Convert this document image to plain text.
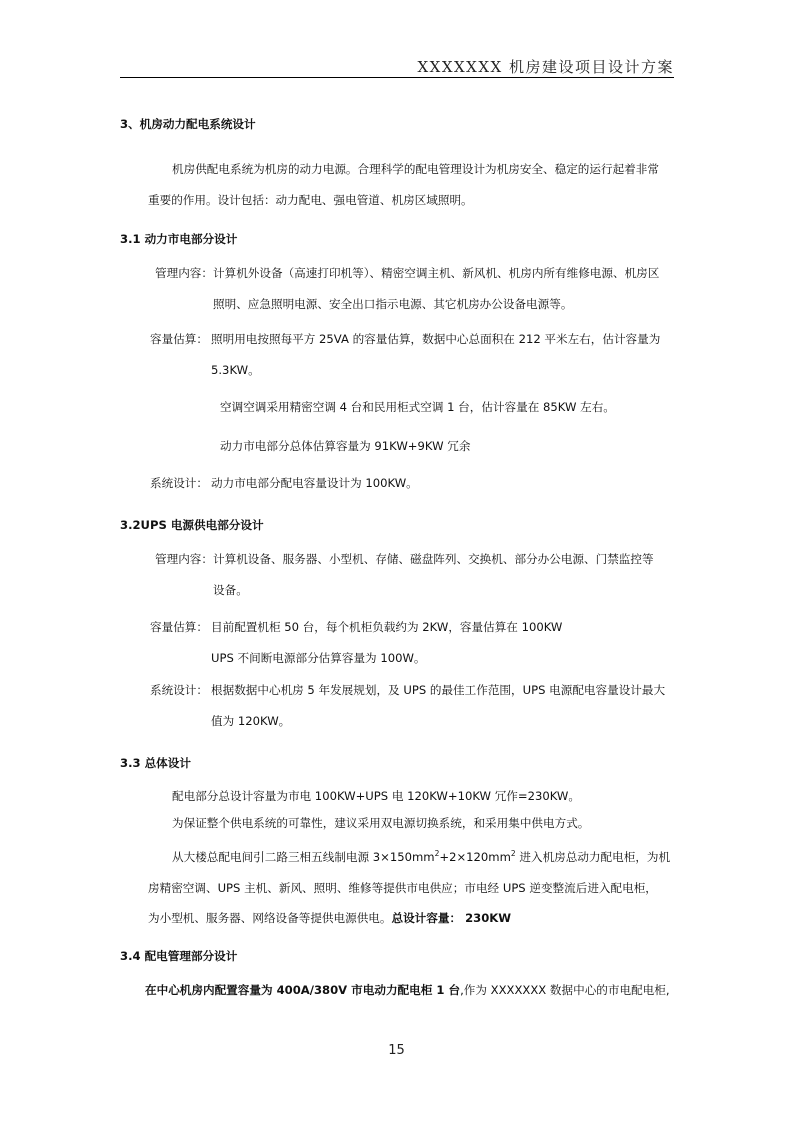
XXXXXXX 机房建设项目设计方案
3、机房动力配电系统设计
机房供配电系统为机房的动力电源。合理科学的配电管理设计为机房安全、稳定的运行起着非常
重要的作用。设计包括：动力配电、强电管道、机房区域照明。
3.1 动力市电部分设计
管理内容： 计算机外设备（高速打印机等）、精密空调主机、新风机、机房内所有维修电源、机房区
照明、应急照明电源、安全出口指示电源、其它机房办公设备电源等。
容量估算： 照明用电按照每平方 25VA 的容量估算，数据中心总面积在 212 平米左右，估计容量为
5.3KW。
空调空调采用精密空调 4 台和民用柜式空调 1 台，估计容量在 85KW 左右。
动力市电部分总体估算容量为 91KW+9KW 冗余
系统设计： 动力市电部分配电容量设计为 100KW。
3.2UPS 电源供电部分设计
管理内容： 计算机设备、服务器、小型机、存储、磁盘阵列、交换机、部分办公电源、门禁监控等
设备。
容量估算： 目前配置机柜 50 台，每个机柜负载约为 2KW，容量估算在 100KW
UPS 不间断电源部分估算容量为 100W。
系统设计： 根据数据中心机房 5 年发展规划，及 UPS 的最佳工作范围，UPS 电源配电容量设计最大
值为 120KW。
3.3 总体设计
配电部分总设计容量为市电 100KW+UPS 电 120KW+10KW 冗作=230KW。
为保证整个供电系统的可靠性，建议采用双电源切换系统，和采用集中供电方式。
从大楼总配电间引二路三相五线制电源 $3\times 150mm^2+2\times 120mm^2$ 进入机房总动力配电柜，为机
房精密空调、UPS 主机、新风、照明、维修等提供市电供应；市电经 UPS 逆变整流后进入配电柜，
为小型机、服务器、网络设备等提供电源供电。总设计容量： 230KW
3.4 配电管理部分设计
在中心机房内配置容量为 400A/380V 市电动力配电柜 1 台,作为 XXXXXXX 数据中心的市电配电柜,
15
